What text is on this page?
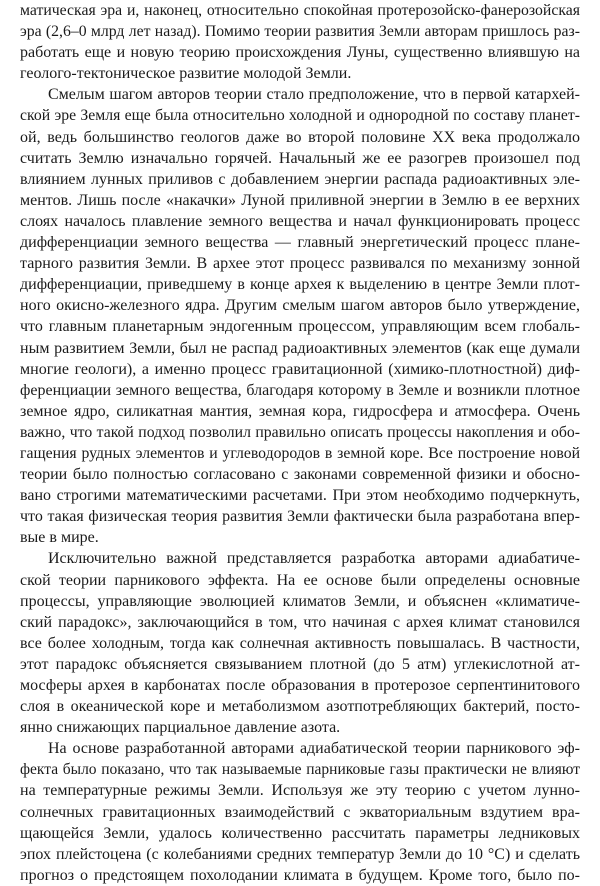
матическая эра и, наконец, относительно спокойная протерозойско-фанерозойская
эра (2,6–0 млрд лет назад). Помимо теории развития Земли авторам пришлось раз-
работать еще и новую теорию происхождения Луны, существенно влиявшую на
геолого-тектоническое развитие молодой Земли.
Смелым шагом авторов теории стало предположение, что в первой катархей-
ской эре Земля еще была относительно холодной и однородной по составу планет-
ой, ведь большинство геологов даже во второй половине XX века продолжало
считать Землю изначально горячей. Начальный же ее разогрев произошел под
влиянием лунных приливов с добавлением энергии распада радиоактивных эле-
ментов. Лишь после «накачки» Луной приливной энергии в Землю в ее верхних
слоях началось плавление земного вещества и начал функционировать процесс
дифференциации земного вещества — главный энергетический процесс плане-
тарного развития Земли. В архее этот процесс развивался по механизму зонной
дифференциации, приведшему в конце архея к выделению в центре Земли плот-
ного окисно-железного ядра. Другим смелым шагом авторов было утверждение,
что главным планетарным эндогенным процессом, управляющим всем глобаль-
ным развитием Земли, был не распад радиоактивных элементов (как еще думали
многие геологи), а именно процесс гравитационной (химико-плотностной) диф-
ференциации земного вещества, благодаря которому в Земле и возникли плотное
земное ядро, силикатная мантия, земная кора, гидросфера и атмосфера. Очень
важно, что такой подход позволил правильно описать процессы накопления и обо-
гащения рудных элементов и углеводородов в земной коре. Все построение новой
теории было полностью согласовано с законами современной физики и обосно-
вано строгими математическими расчетами. При этом необходимо подчеркнуть,
что такая физическая теория развития Земли фактически была разработана впер-
вые в мире.
Исключительно важной представляется разработка авторами адиабатиче-
ской теории парникового эффекта. На ее основе были определены основные
процессы, управляющие эволюцией климатов Земли, и объяснен «климатиче-
ский парадокс», заключающийся в том, что начиная с архея климат становился
все более холодным, тогда как солнечная активность повышалась. В частности,
этот парадокс объясняется связыванием плотной (до 5 атм) углекислотной ат-
мосферы архея в карбонатах после образования в протерозое серпентинитового
слоя в океанической коре и метаболизмом азотпотребляющих бактерий, посто-
янно снижающих парциальное давление азота.
На основе разработанной авторами адиабатической теории парникового эф-
фекта было показано, что так называемые парниковые газы практически не влияют
на температурные режимы Земли. Используя же эту теорию с учетом лунно-
солнечных гравитационных взаимодействий с экваториальным вздутием вра-
щающейся Земли, удалось количественно рассчитать параметры ледниковых
эпох плейстоцена (с колебаниями средних температур Земли до 10 °С) и сделать
прогноз о предстоящем похолодании климата в будущем. Кроме того, было по-
